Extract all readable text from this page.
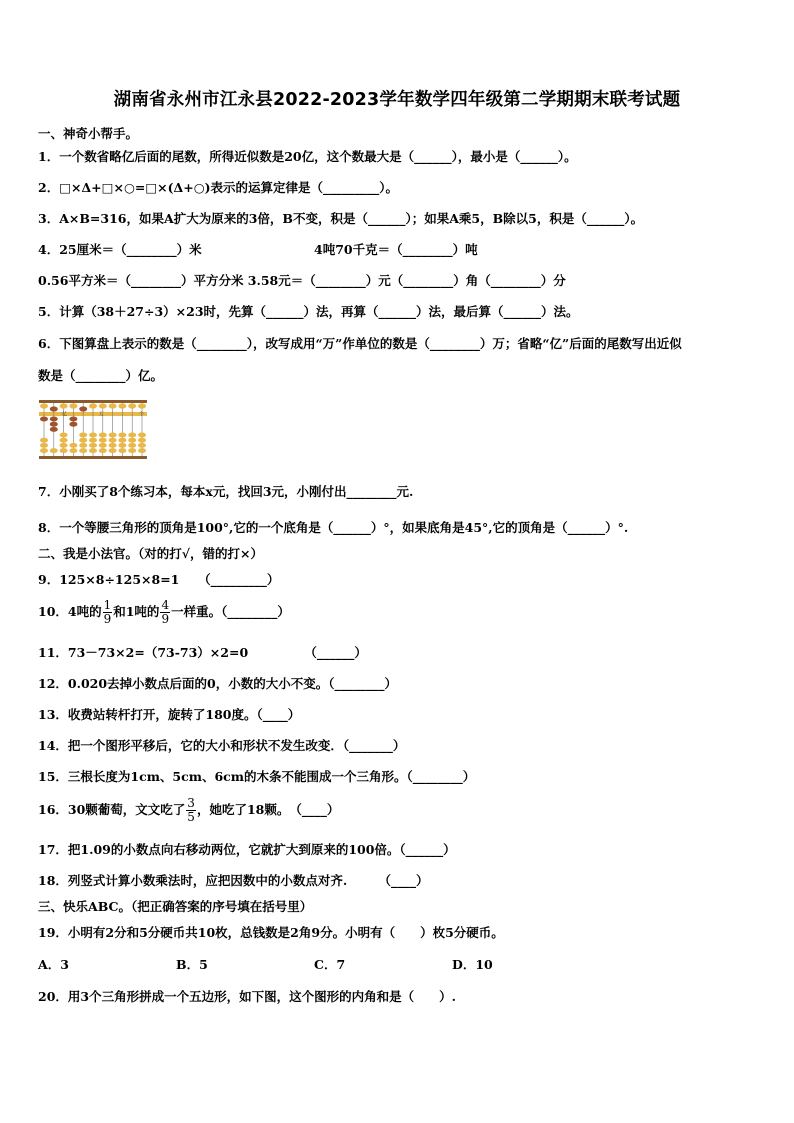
湖南省永州市江永县2022-2023学年数学四年级第二学期期末联考试题
一、神奇小帮手。
1．一个数省略亿后面的尾数，所得近似数是20亿，这个数最大是（______），最小是（______）。
2．□×Δ+□×○=□×(Δ+○)表示的运算定律是（_________）。
3．A×B=316，如果A扩大为原来的3倍，B不变，积是（______）；如果A乘5，B除以5，积是（______）。
4．25厘米＝（________）米	4吨70千克＝（________）吨
0.56平方米＝（________）平方分米 3.58元＝（________）元（________）角（________）分
5．计算（38＋27÷3）×23时，先算（______）法，再算（______）法，最后算（______）法。
6．下图算盘上表示的数是（________），改写成用“万”作单位的数是（________）万；省略“亿”后面的尾数写出近似
数是（________）亿。
亿	万	个
7．小刚买了8个练习本，每本x元，找回3元，小刚付出________元.
8．一个等腰三角形的顶角是100°,它的一个底角是（______）°，如果底角是45°,它的顶角是（______）°.
二、我是小法官。（对的打√，错的打×）
9．125×8÷125×8=1　　（_________）
10．4吨的 $\frac{1}{9}$ 和1吨的 $\frac{4}{9}$ 一样重。（________）
11．73－73×2=（73-73）×2=0　　　　　（______）
12．0.020去掉小数点后面的0，小数的大小不变。（________）
13．收费站转杆打开，旋转了180度。（____）
14．把一个图形平移后，它的大小和形状不发生改变．（_______）
15．三根长度为1cm、5cm、6cm的木条不能围成一个三角形。（________）
16．30颗葡萄，文文吃了 $\frac{3}{5}$ ，她吃了18颗。　（____）
17．把1.09的小数点向右移动两位，它就扩大到原来的100倍。（______）
18．列竖式计算小数乘法时，应把因数中的小数点对齐.　　　（____）
三、快乐ABC。（把正确答案的序号填在括号里）
19．小明有2分和5分硬币共10枚，总钱数是2角9分。小明有（　　）枚5分硬币。
A．3	B．5	C．7	D．10
20．用3个三角形拼成一个五边形，如下图，这个图形的内角和是（　　）.
